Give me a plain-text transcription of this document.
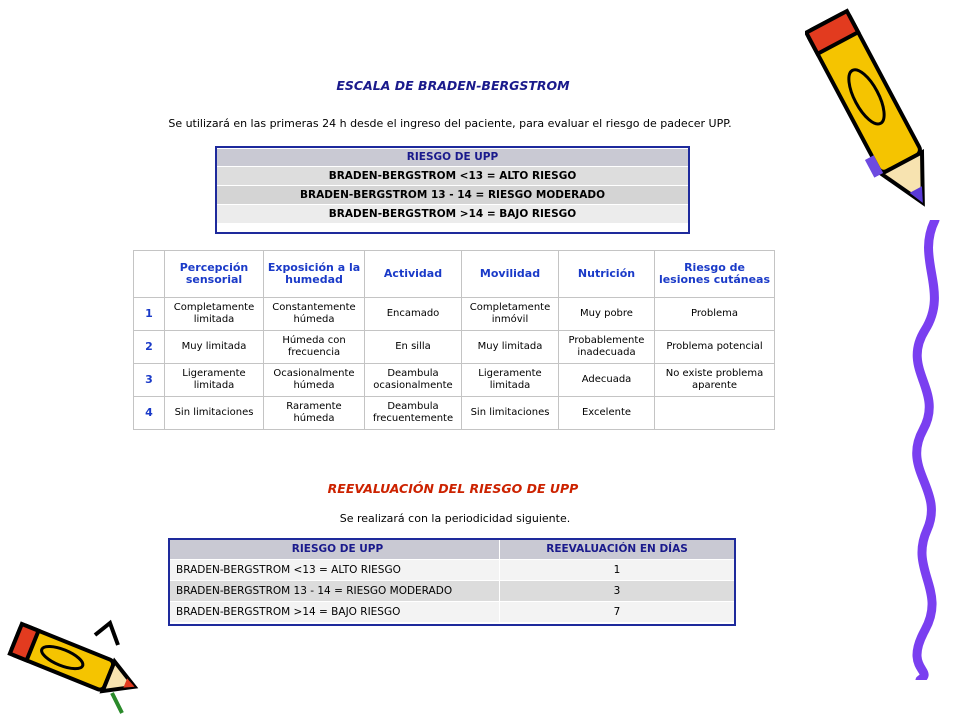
ESCALA DE BRADEN-BERGSTROM
Se utilizará en las primeras 24 h desde el ingreso del paciente, para evaluar el riesgo de padecer UPP.
RIESGO DE UPP
BRADEN-BERGSTROM <13 = ALTO RIESGO
BRADEN-BERGSTROM 13 - 14 = RIESGO MODERADO
BRADEN-BERGSTROM >14 = BAJO RIESGO
	Percepción sensorial	Exposición a la humedad	Actividad	Movilidad	Nutrición	Riesgo de lesiones cutáneas
1	Completamente limitada	Constantemente húmeda	Encamado	Completamente inmóvil	Muy pobre	Problema
2	Muy limitada	Húmeda con frecuencia	En silla	Muy limitada	Probablemente inadecuada	Problema potencial
3	Ligeramente limitada	Ocasionalmente húmeda	Deambula ocasionalmente	Ligeramente limitada	Adecuada	No existe problema aparente
4	Sin limitaciones	Raramente húmeda	Deambula frecuentemente	Sin limitaciones	Excelente	
REEVALUACIÓN DEL RIESGO DE UPP
Se realizará con la periodicidad siguiente.
RIESGO DE UPP	REEVALUACIÓN EN DÍAS
BRADEN-BERGSTROM <13 = ALTO RIESGO	1
BRADEN-BERGSTROM 13 - 14 = RIESGO MODERADO	3
BRADEN-BERGSTROM >14 = BAJO RIESGO	7
